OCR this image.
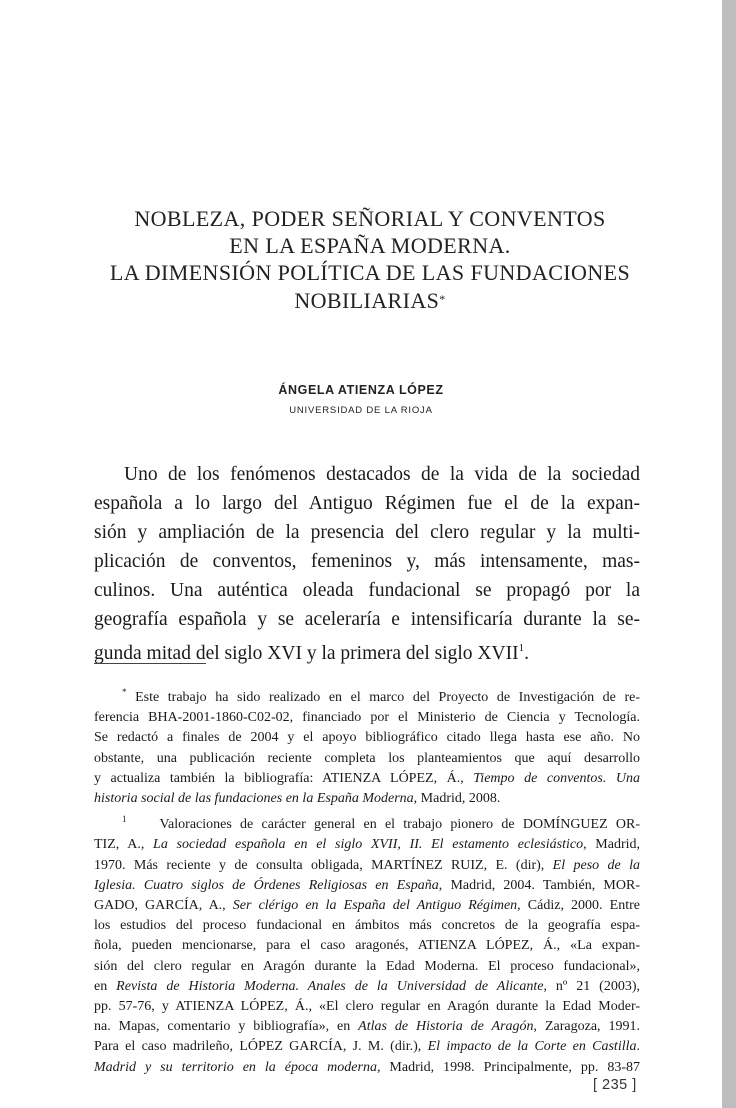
NOBLEZA, PODER SEÑORIAL Y CONVENTOS
EN LA ESPAÑA MODERNA.
LA DIMENSIÓN POLÍTICA DE LAS FUNDACIONES
NOBILIARIAS*
ÁNGELA ATIENZA LÓPEZ
UNIVERSIDAD DE LA RIOJA
Uno de los fenómenos destacados de la vida de la sociedad
española a lo largo del Antiguo Régimen fue el de la expan-
sión y ampliación de la presencia del clero regular y la multi-
plicación de conventos, femeninos y, más intensamente, mas-
culinos. Una auténtica oleada fundacional se propagó por la
geografía española y se aceleraría e intensificaría durante la se-
gunda mitad del siglo XVI y la primera del siglo XVII$^1$.
* Este trabajo ha sido realizado en el marco del Proyecto de Investigación de re-
ferencia BHA-2001-1860-C02-02, financiado por el Ministerio de Ciencia y Tecnología.
Se redactó a finales de 2004 y el apoyo bibliográfico citado llega hasta ese año. No
obstante, una publicación reciente completa los planteamientos que aquí desarrollo
y actualiza también la bibliografía: ATIENZA LÓPEZ, Á., Tiempo de conventos. Una
historia social de las fundaciones en la España Moderna, Madrid, 2008.
$^1$ Valoraciones de carácter general en el trabajo pionero de DOMÍNGUEZ OR-
TIZ, A., La sociedad española en el siglo XVII, II. El estamento eclesiástico, Madrid,
1970. Más reciente y de consulta obligada, MARTÍNEZ RUIZ, E. (dir), El peso de la
Iglesia. Cuatro siglos de Órdenes Religiosas en España, Madrid, 2004. También, MOR-
GADO, GARCÍA, A., Ser clérigo en la España del Antiguo Régimen, Cádiz, 2000. Entre
los estudios del proceso fundacional en ámbitos más concretos de la geografía espa-
ñola, pueden mencionarse, para el caso aragonés, ATIENZA LÓPEZ, Á., «La expan-
sión del clero regular en Aragón durante la Edad Moderna. El proceso fundacional»,
en Revista de Historia Moderna. Anales de la Universidad de Alicante, nº 21 (2003),
pp. 57-76, y ATIENZA LÓPEZ, Á., «El clero regular en Aragón durante la Edad Moder-
na. Mapas, comentario y bibliografía», en Atlas de Historia de Aragón, Zaragoza, 1991.
Para el caso madrileño, LÓPEZ GARCÍA, J. M. (dir.), El impacto de la Corte en Castilla.
Madrid y su territorio en la época moderna, Madrid, 1998. Principalmente, pp. 83-87
[ 235 ]
